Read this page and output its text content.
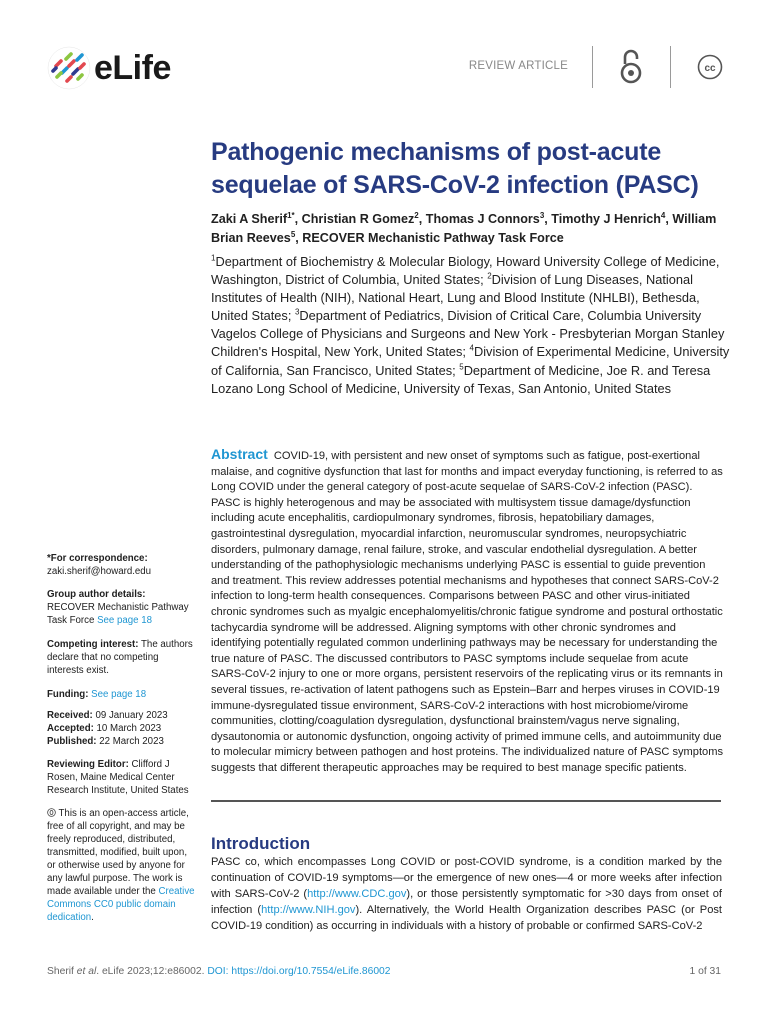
eLife	REVIEW ARTICLE	cc
Pathogenic mechanisms of post-acute sequelae of SARS-CoV-2 infection (PASC)
Zaki A Sherif$^{1*}$, Christian R Gomez$^2$, Thomas J Connors$^3$, Timothy J Henrich$^4$, William Brian Reeves$^5$, RECOVER Mechanistic Pathway Task Force
$^1$Department of Biochemistry & Molecular Biology, Howard University College of Medicine, Washington, District of Columbia, United States; $^2$Division of Lung Diseases, National Institutes of Health (NIH), National Heart, Lung and Blood Institute (NHLBI), Bethesda, United States; $^3$Department of Pediatrics, Division of Critical Care, Columbia University Vagelos College of Physicians and Surgeons and New York - Presbyterian Morgan Stanley Children's Hospital, New York, United States; $^4$Division of Experimental Medicine, University of California, San Francisco, United States; $^5$Department of Medicine, Joe R. and Teresa Lozano Long School of Medicine, University of Texas, San Antonio, United States
Abstract COVID-19, with persistent and new onset of symptoms such as fatigue, post-exertional malaise, and cognitive dysfunction that last for months and impact everyday functioning, is referred to as Long COVID under the general category of post-acute sequelae of SARS-CoV-2 infection (PASC). PASC is highly heterogenous and may be associated with multisystem tissue damage/dysfunction including acute encephalitis, cardiopulmonary syndromes, fibrosis, hepatobiliary damages, gastrointestinal dysregulation, myocardial infarction, neuromuscular syndromes, neuropsychiatric disorders, pulmonary damage, renal failure, stroke, and vascular endothelial dysregulation. A better understanding of the pathophysiologic mechanisms underlying PASC is essential to guide prevention and treatment. This review addresses potential mechanisms and hypotheses that connect SARS-CoV-2 infection to long-term health consequences. Comparisons between PASC and other virus-initiated chronic syndromes such as myalgic encephalomyelitis/chronic fatigue syndrome and postural orthostatic tachycardia syndrome will be addressed. Aligning symptoms with other chronic syndromes and identifying potentially regulated common underlining pathways may be necessary for understanding the true nature of PASC. The discussed contributors to PASC symptoms include sequelae from acute SARS-CoV-2 injury to one or more organs, persistent reservoirs of the replicating virus or its remnants in several tissues, re-activation of latent pathogens such as Epstein–Barr and herpes viruses in COVID-19 immune-dysregulated tissue environment, SARS-CoV-2 interactions with host microbiome/virome communities, clotting/coagulation dysregulation, dysfunctional brainstem/vagus nerve signaling, dysautonomia or autonomic dysfunction, ongoing activity of primed immune cells, and autoimmunity due to molecular mimicry between pathogen and host proteins. The individualized nature of PASC symptoms suggests that different therapeutic approaches may be required to best manage specific patients.
Introduction
PASC co, which encompasses Long COVID or post-COVID syndrome, is a condition marked by the continuation of COVID-19 symptoms—or the emergence of new ones—4 or more weeks after infection with SARS-CoV-2 (http://www.CDC.gov), or those persistently symptomatic for >30 days from onset of infection (http://www.NIH.gov). Alternatively, the World Health Organization describes PASC (or Post COVID-19 condition) as occurring in individuals with a history of probable or confirmed SARS-CoV-2
*For correspondence:
zaki.sherif@howard.edu
Group author details:
RECOVER Mechanistic Pathway Task Force See page 18
Competing interest: The authors declare that no competing interests exist.
Funding: See page 18
Received: 09 January 2023
Accepted: 10 March 2023
Published: 22 March 2023
Reviewing Editor: Clifford J Rosen, Maine Medical Center Research Institute, United States
This is an open-access article, free of all copyright, and may be freely reproduced, distributed, transmitted, modified, built upon, or otherwise used by anyone for any lawful purpose. The work is made available under the Creative Commons CC0 public domain dedication.
Sherif et al. eLife 2023;12:e86002. DOI: https://doi.org/10.7554/eLife.86002	1 of 31
